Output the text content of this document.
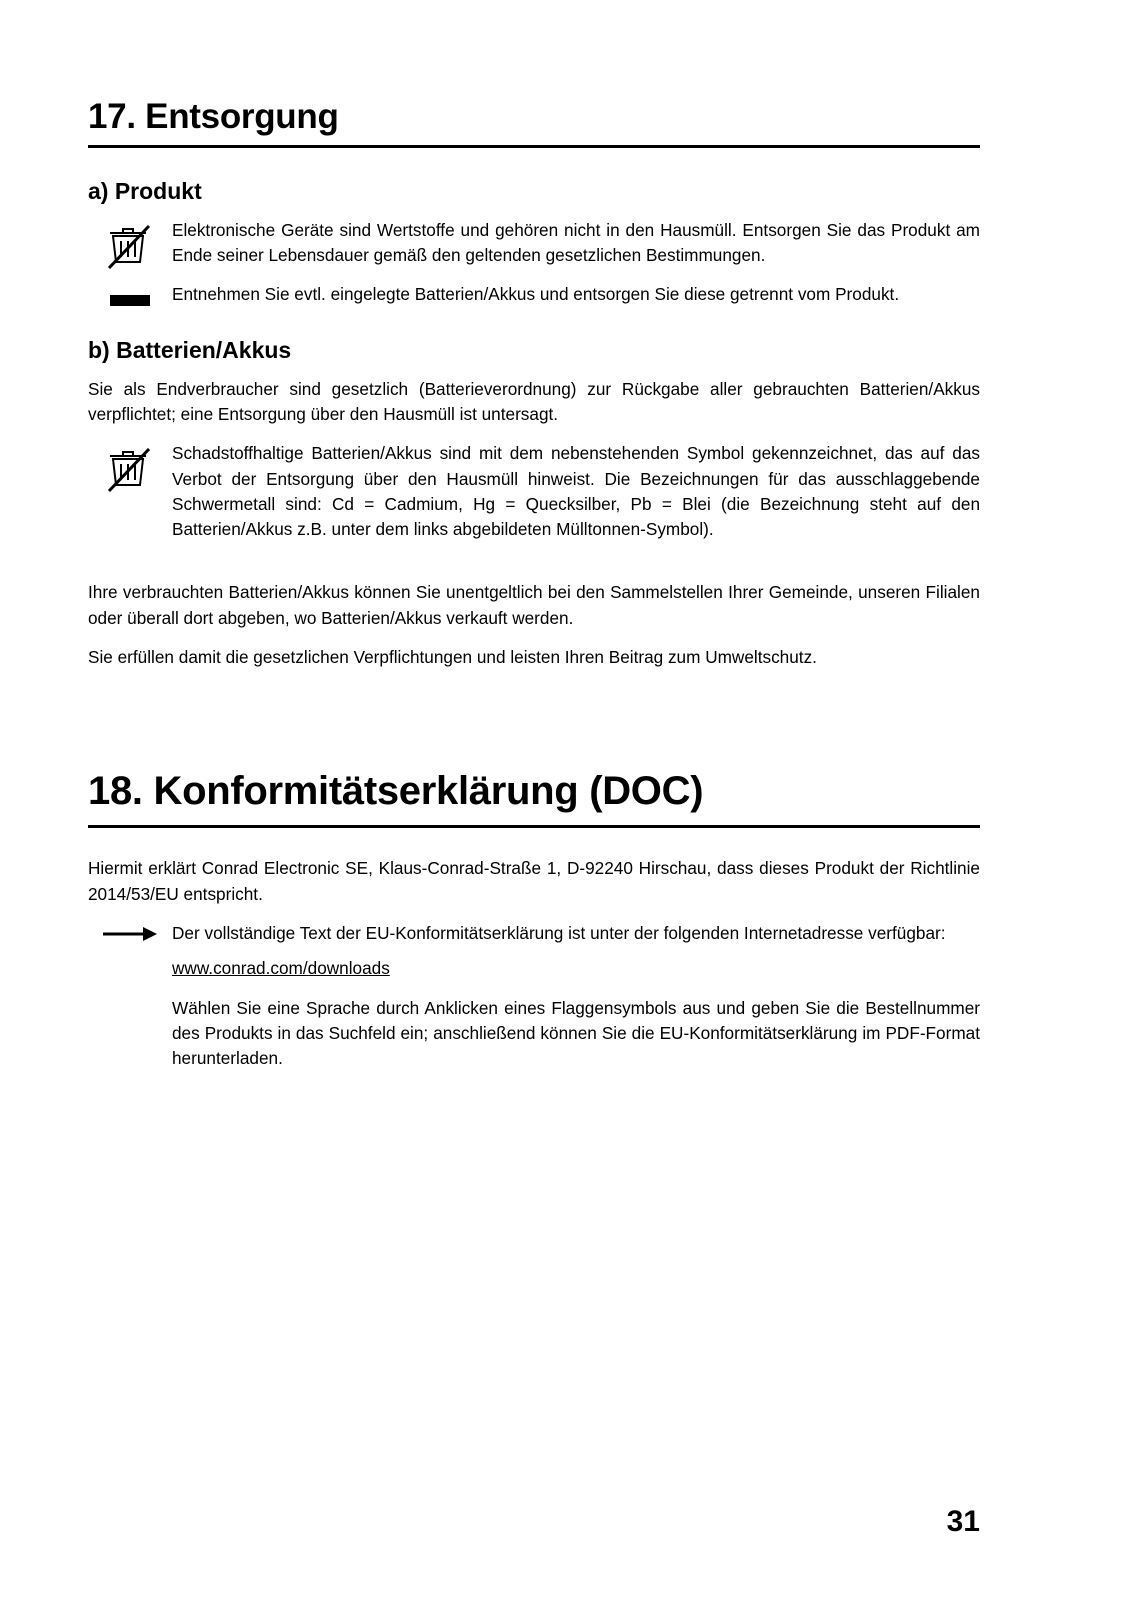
17. Entsorgung
a) Produkt

Elektronische Geräte sind Wertstoffe und gehören nicht in den Hausmüll. Entsorgen Sie das Produkt am Ende seiner Lebensdauer gemäß den geltenden gesetzlichen Bestimmungen.

Entnehmen Sie evtl. eingelegte Batterien/Akkus und entsorgen Sie diese getrennt vom Produkt.

b) Batterien/Akkus

Sie als Endverbraucher sind gesetzlich (Batterieverordnung) zur Rückgabe aller gebrauchten Batterien/Akkus verpflichtet; eine Entsorgung über den Hausmüll ist untersagt.

Schadstoffhaltige Batterien/Akkus sind mit dem nebenstehenden Symbol gekennzeichnet, das auf das Verbot der Entsorgung über den Hausmüll hinweist. Die Bezeichnungen für das ausschlaggebende Schwermetall sind: Cd = Cadmium, Hg = Quecksilber, Pb = Blei (die Bezeichnung steht auf den Batterien/Akkus z.B. unter dem links abgebildeten Mülltonnen-Symbol).

Ihre verbrauchten Batterien/Akkus können Sie unentgeltlich bei den Sammelstellen Ihrer Gemeinde, unseren Filialen oder überall dort abgeben, wo Batterien/Akkus verkauft werden.

Sie erfüllen damit die gesetzlichen Verpflichtungen und leisten Ihren Beitrag zum Umweltschutz.

18. Konformitätserklärung (DOC)

Hiermit erklärt Conrad Electronic SE, Klaus-Conrad-Straße 1, D-92240 Hirschau, dass dieses Produkt der Richtlinie 2014/53/EU entspricht.

Der vollständige Text der EU-Konformitätserklärung ist unter der folgenden Internetadresse verfügbar:

www.conrad.com/downloads

Wählen Sie eine Sprache durch Anklicken eines Flaggensymbols aus und geben Sie die Bestellnummer des Produkts in das Suchfeld ein; anschließend können Sie die EU-Konformitätserklärung im PDF-Format herunterladen.

31
